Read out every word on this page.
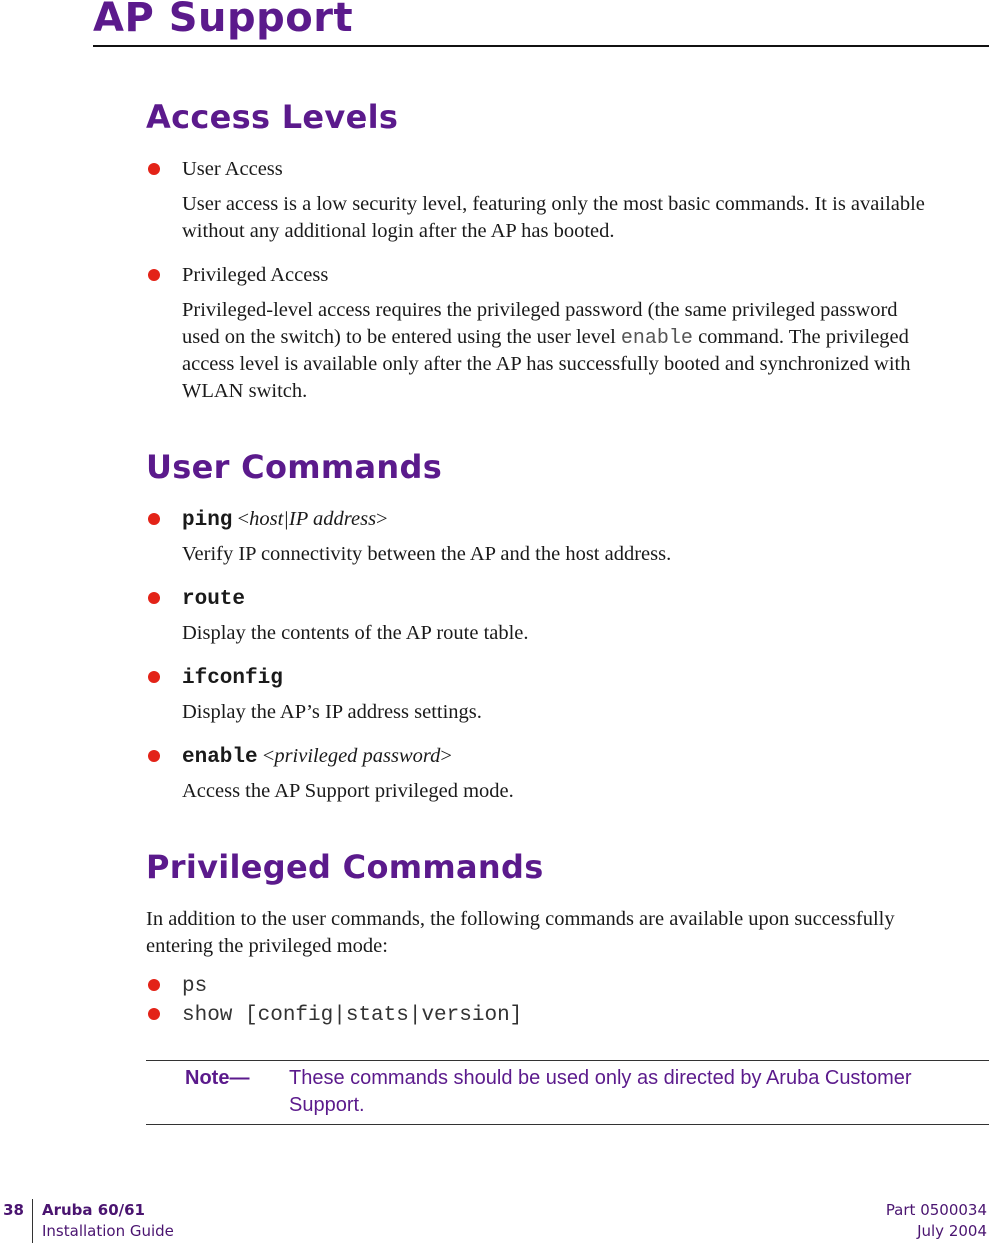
AP Support
Access Levels
User Access
User access is a low security level, featuring only the most basic commands. It is available
without any additional login after the AP has booted.
Privileged Access
Privileged-level access requires the privileged password (the same privileged password
used on the switch) to be entered using the user level enable command. The privileged
access level is available only after the AP has successfully booted and synchronized with
WLAN switch.
User Commands
ping <host|IP address>
Verify IP connectivity between the AP and the host address.
route
Display the contents of the AP route table.
ifconfig
Display the AP’s IP address settings.
enable <privileged password>
Access the AP Support privileged mode.
Privileged Commands
In addition to the user commands, the following commands are available upon successfully
entering the privileged mode:
ps
show [config|stats|version]
Note— These commands should be used only as directed by Aruba Customer Support.
38 Aruba 60/61
Installation Guide
Part 0500034
July 2004
